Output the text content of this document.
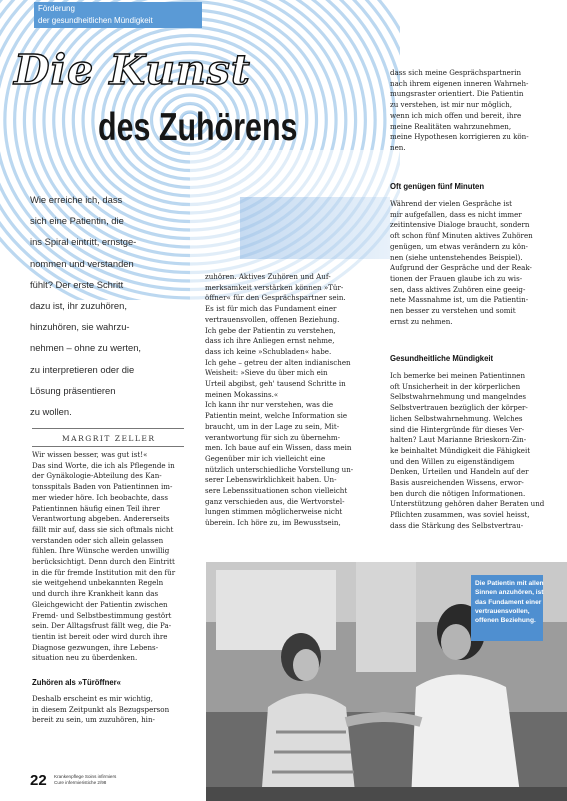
Förderung
der gesundheitlichen Mündigkeit
Die Kunst
des Zuhörens
Wie erreiche ich, dass
sich eine Patientin, die
ins Spiral eintritt, ernstge-
nommen und verstanden
fühlt? Der erste Schritt
dazu ist, ihr zuzuhören,
hinzuhören, sie wahrzu-
nehmen – ohne zu werten,
zu interpretieren oder die
Lösung präsentieren
zu wollen.
MARGRIT ZELLER

Wir wissen besser, was gut ist!«
Das sind Worte, die ich als Pflegende in
der Gynäkologie-Abteilung des Kan-
tonsspitals Baden von Patientinnen im-
mer wieder höre. Ich beobachte, dass
Patientinnen häufig einen Teil ihrer
Verantwortung abgeben. Andererseits
fällt mir auf, dass sie sich oftmals nicht
verstanden oder sich allein gelassen
fühlen. Ihre Wünsche werden unwillig
berücksichtigt. Denn durch den Eintritt
in die für fremde Institution mit den für
sie weitgehend unbekannten Regeln
und durch ihre Krankheit kann das
Gleichgewicht der Patientin zwischen
Fremd- und Selbstbestimmung gestört
sein. Der Alltagsfrust fällt weg, die Pa-
tientin ist bereit oder wird durch ihre
Diagnose gezwungen, ihre Lebens-
situation neu zu überdenken.

Zuhören als »Türöffner«

Deshalb erscheint es mir wichtig,
in diesem Zeitpunkt als Bezugsperson
bereit zu sein, um zuzuhören, hin-

zuhören. Aktives Zuhören und Auf-
merksamkeit verstärken können »Tür-
öffner« für den Gesprächspartner sein.
Es ist für mich das Fundament einer
vertrauensvollen, offenen Beziehung.
Ich gebe der Patientin zu verstehen,
dass ich ihre Anliegen ernst nehme,
dass ich keine »Schubladen« habe.
Ich gehe – getreu der alten indianischen
Weisheit: »Sieve du über mich ein
Urteil abgibst, geh' tausend Schritte in
meinen Mokassins.«
Ich kann ihr nur verstehen, was die
Patientin meint, welche Information sie
braucht, um in der Lage zu sein, Mit-
verantwortung für sich zu übernehm-
men. Ich baue auf ein Wissen, dass mein
Gegenüber mir ich vielleicht eine
nützlich unterschiedliche Vorstellung un-
serer Lebenswirklichkeit haben. Un-
sere Lebenssituationen schon vielleicht
ganz verschieden aus, die Wertvorstel-
lungen stimmen möglicherweise nicht
überein. Ich höre zu, im Bewusstsein,

dass sich meine Gesprächspartnerin
nach ihrem eigenen inneren Wahrneh-
mungsraster orientiert. Die Patientin
zu verstehen, ist mir nur möglich,
wenn ich mich offen und bereit, ihre
meine Realitäten wahrzunehmen,
meine Hypothesen korrigieren zu kön-
nen.

Oft genügen fünf Minuten

Während der vielen Gespräche ist
mir aufgefallen, dass es nicht immer
zeitintensive Dialoge braucht, sondern
oft schon fünf Minuten aktives Zuhören
genügen, um etwas verändern zu kön-
nen (siehe untenstehendes Beispiel).
Aufgrund der Gespräche und der Reak-
tionen der Frauen glaube ich zu wis-
sen, dass aktives Zuhören eine geeig-
nete Massnahme ist, um die Patientin-
nen besser zu verstehen und somit
ernst zu nehmen.

Gesundheitliche Mündigkeit

Ich bemerke bei meinen Patientinnen
oft Unsicherheit in der körperlichen
Selbstwahrnehmung und mangelndes
Selbstvertrauen bezüglich der körper-
lichen Selbstwahrnehmung. Welches
sind die Hintergründe für dieses Ver-
halten? Laut Marianne Brieskorn-Zin-
ke beinhaltet Mündigkeit die Fähigkeit
und den Willen zu eigenständigem
Denken, Urteilen und Handeln auf der
Basis ausreichenden Wissens, erwor-
ben durch die nötigen Informationen.
Unterstützung gehören daher Beraten und
Pflichten zusammen, was soviel heisst,
dass die Stärkung des Selbstvertrau-

Die Patientin mit allen
Sinnen anzuhören, ist
das Fundament einer
vertrauensvollen,
offenen Beziehung.
22 Krankenpflege Soins infirmiers
Cure infermieristiche 2/98
